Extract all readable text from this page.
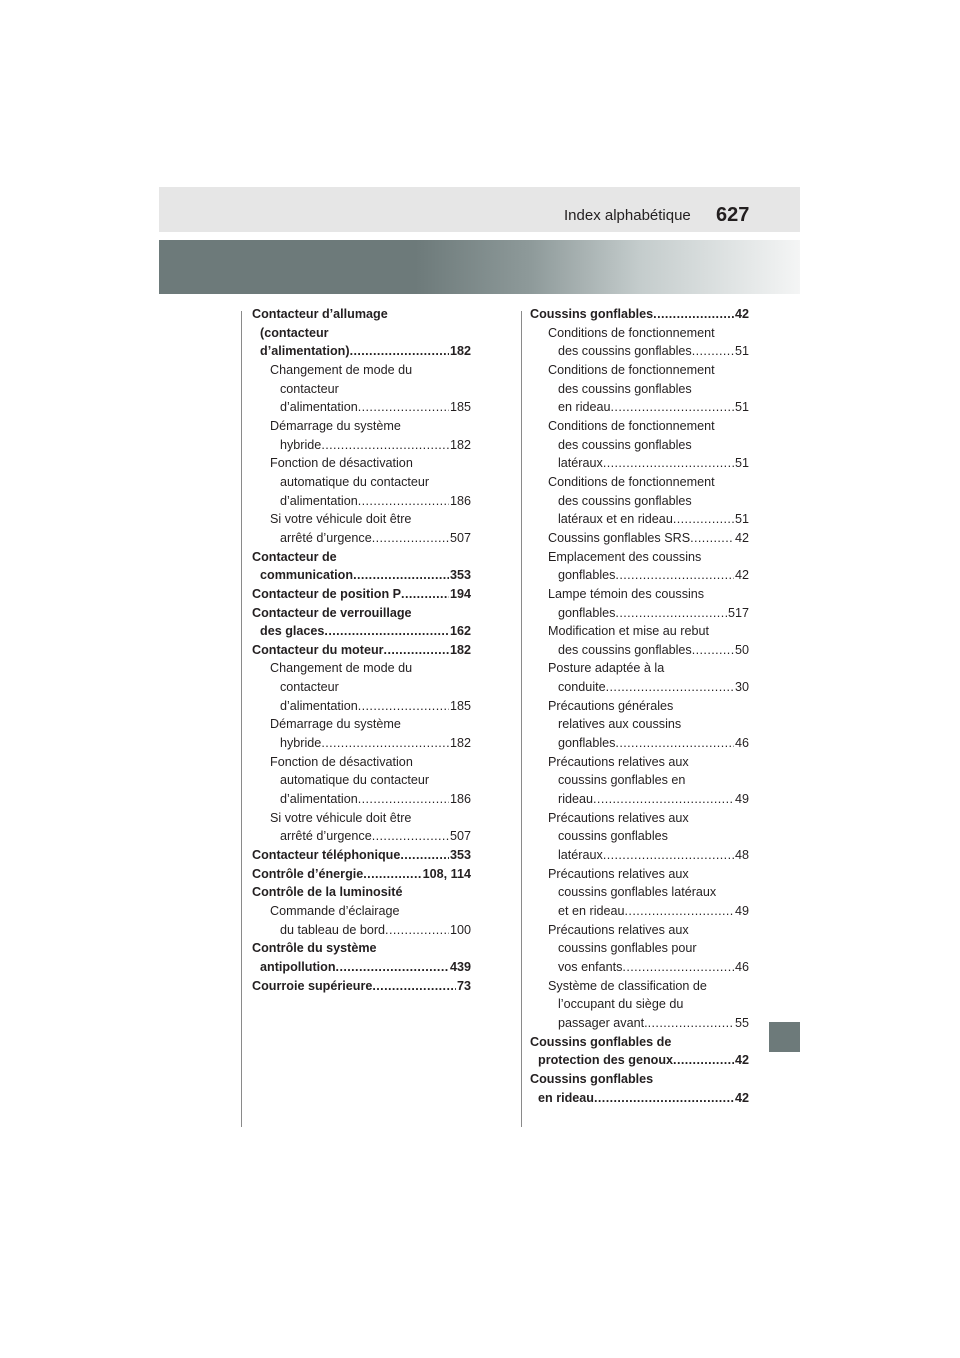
Index alphabétique 627
Contacteur d’allumage
(contacteur
d’alimentation) .....	182
Changement de mode du
contacteur
d’alimentation .....	185
Démarrage du système
hybride .....	182
Fonction de désactivation
automatique du contacteur
d’alimentation .....	186
Si votre véhicule doit être
arrêté d’urgence .....	507
Contacteur de
communication .....	353
Contacteur de position P .....	194
Contacteur de verrouillage
des glaces .....	162
Contacteur du moteur .....	182
Changement de mode du
contacteur
d’alimentation .....	185
Démarrage du système
hybride .....	182
Fonction de désactivation
automatique du contacteur
d’alimentation .....	186
Si votre véhicule doit être
arrêté d’urgence .....	507
Contacteur téléphonique .....	353
Contrôle d’énergie .....	108, 114
Contrôle de la luminosité
Commande d’éclairage
du tableau de bord .....	100
Contrôle du système
antipollution .....	439
Courroie supérieure .....	73
Coussins gonflables .....	42
Conditions de fonctionnement
des coussins gonflables .....	51
Conditions de fonctionnement
des coussins gonflables
en rideau .....	51
Conditions de fonctionnement
des coussins gonflables
latéraux .....	51
Conditions de fonctionnement
des coussins gonflables
latéraux et en rideau .....	51
Coussins gonflables SRS .....	42
Emplacement des coussins
gonflables .....	42
Lampe témoin des coussins
gonflables .....	517
Modification et mise au rebut
des coussins gonflables .....	50
Posture adaptée à la
conduite .....	30
Précautions générales
relatives aux coussins
gonflables .....	46
Précautions relatives aux
coussins gonflables en
rideau .....	49
Précautions relatives aux
coussins gonflables
latéraux .....	48
Précautions relatives aux
coussins gonflables latéraux
et en rideau .....	49
Précautions relatives aux
coussins gonflables pour
vos enfants .....	46
Système de classification de
l’occupant du siège du
passager avant. .....	55
Coussins gonflables de
protection des genoux .....	42
Coussins gonflables
en rideau .....	42
